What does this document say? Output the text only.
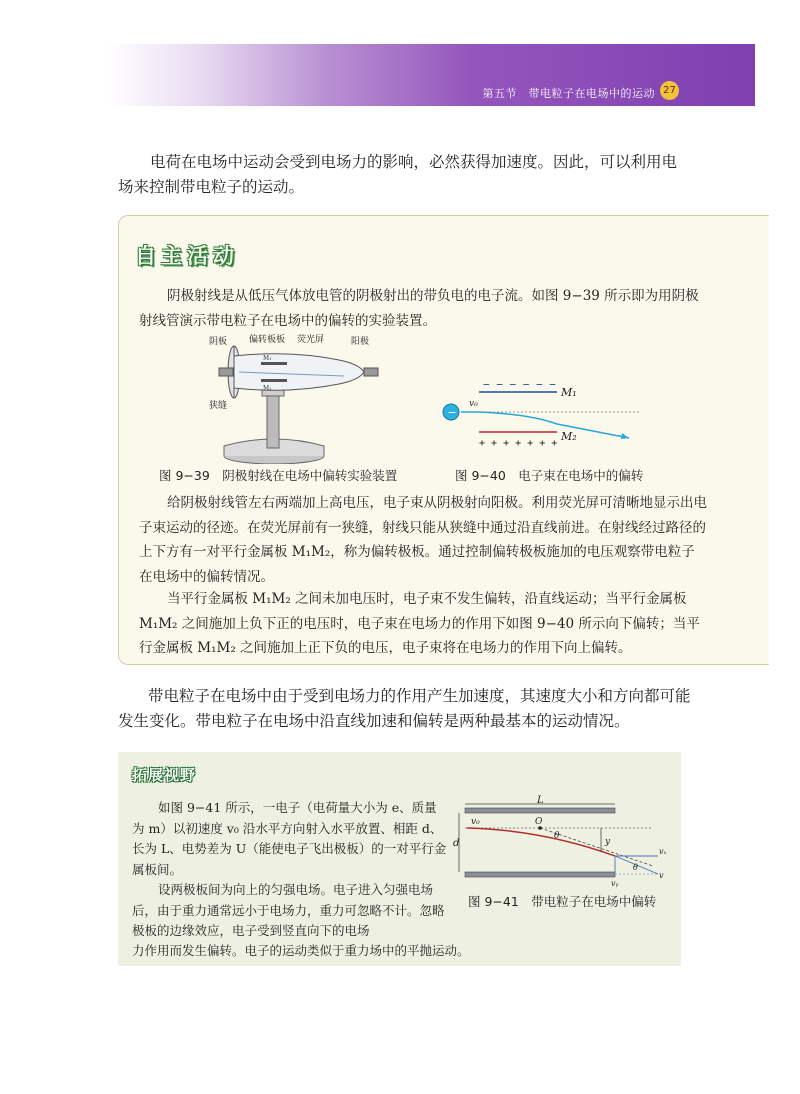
第五节　带电粒子在电场中的运动 27

电荷在电场中运动会受到电场力的影响，必然获得加速度。因此，可以利用电场来控制带电粒子的运动。

自主活动

阴极射线是从低压气体放电管的阴极射出的带负电的电子流。如图 9−39 所示即为用阴极射线管演示带电粒子在电场中的偏转的实验装置。

阴板 偏转板板 荧光屏	阳极
狭缝
M₁
M₂
图 9−39　阴极射线在电场中偏转实验装置
− − − − − −
M₁
+ + + + + + +
M₂
−
v₀
图 9−40　电子束在电场中的偏转

给阴极射线管左右两端加上高电压，电子束从阴极射向阳极。利用荧光屏可清晰地显示出电子束运动的径迹。在荧光屏前有一狭缝，射线只能从狭缝中通过沿直线前进。在射线经过路径的上下方有一对平行金属板 M₁M₂，称为偏转极板。通过控制偏转极板施加的电压观察带电粒子在电场中的偏转情况。

当平行金属板 M₁M₂ 之间未加电压时，电子束不发生偏转，沿直线运动；当平行金属板 M₁M₂ 之间施加上负下正的电压时，电子束在电场力的作用下如图 9−40 所示向下偏转；当平行金属板 M₁M₂ 之间施加上正下负的电压，电子束将在电场力的作用下向上偏转。

带电粒子在电场中由于受到电场力的作用产生加速度，其速度大小和方向都可能发生变化。带电粒子在电场中沿直线加速和偏转是两种最基本的运动情况。

拓展视野

如图 9−41 所示，一电子（电荷量大小为 e、质量为 m）以初速度 v₀ 沿水平方向射入水平放置、相距 d、长为 L、电势差为 U（能使电子飞出极板）的一对平行金属板间。

设两极板间为向上的匀强电场。电子进入匀强电场后，由于重力通常远小于电场力，重力可忽略不计。忽略极板的边缘效应，电子受到竖直向下的电场

力作用而发生偏转。电子的运动类似于重力场中的平抛运动。

L
d
v₀	O
θ
y
vₓ
vᵧ
v
θ
图 9−41　带电粒子在电场中偏转
